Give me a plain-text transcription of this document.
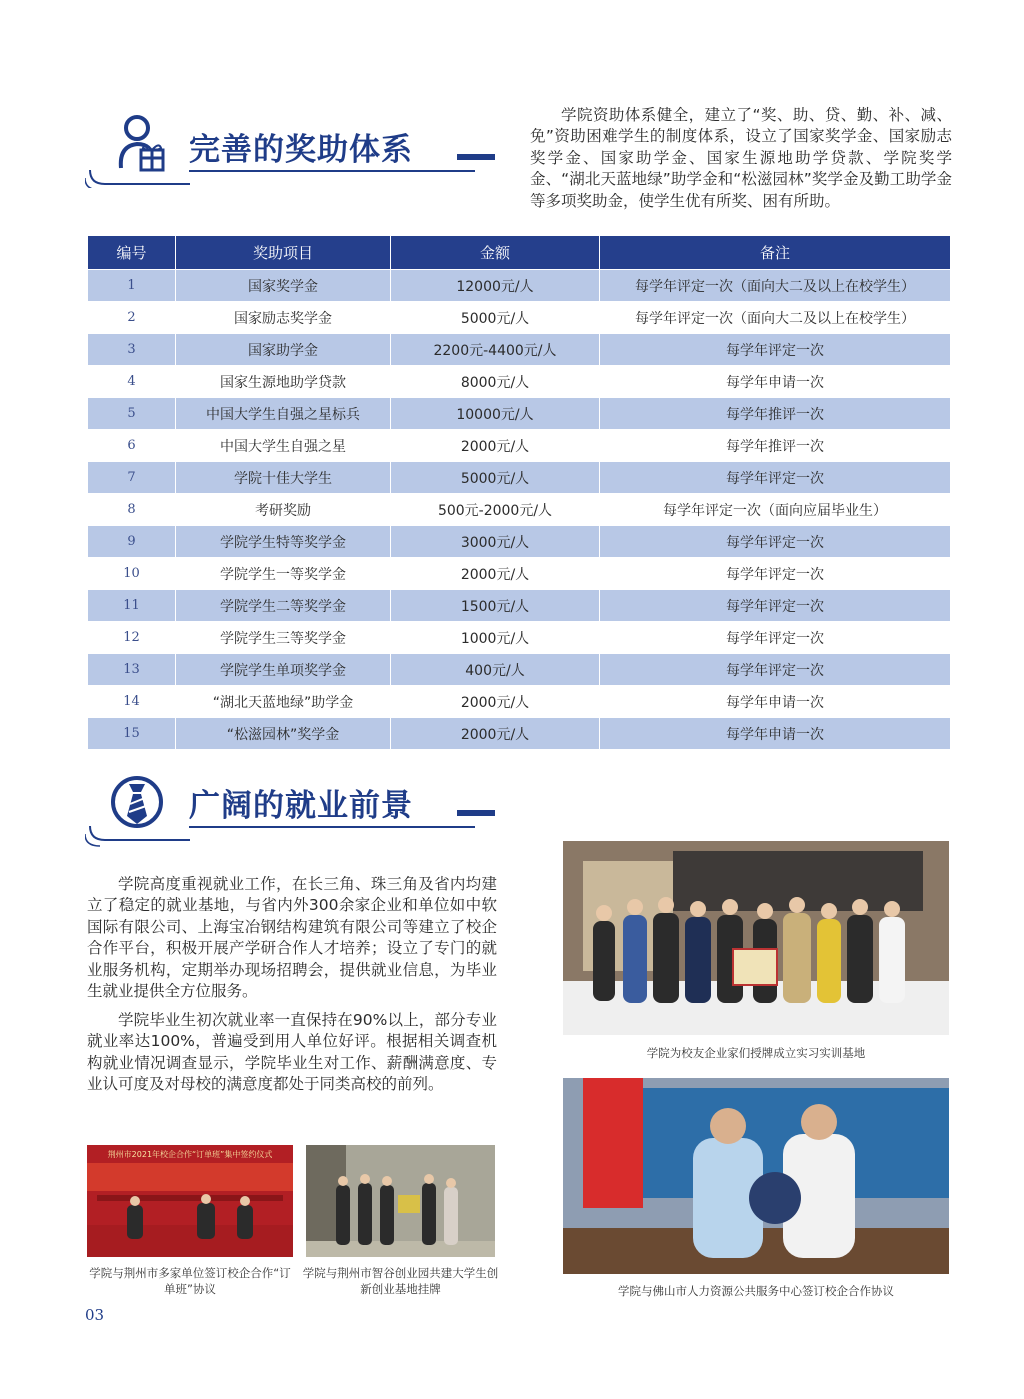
完善的奖助体系
学院资助体系健全，建立了“奖、助、贷、勤、补、减、免”资助困难学生的制度体系，设立了国家奖学金、国家励志奖学金、国家助学金、国家生源地助学贷款、学院奖学金、“湖北天蓝地绿”助学金和“松滋园林”奖学金及勤工助学金等多项奖助金，使学生优有所奖、困有所助。
编号	奖助项目	金额	备注
1	国家奖学金	12000元/人	每学年评定一次（面向大二及以上在校学生）
2	国家励志奖学金	5000元/人	每学年评定一次（面向大二及以上在校学生）
3	国家助学金	2200元-4400元/人	每学年评定一次
4	国家生源地助学贷款	8000元/人	每学年申请一次
5	中国大学生自强之星标兵	10000元/人	每学年推评一次
6	中国大学生自强之星	2000元/人	每学年推评一次
7	学院十佳大学生	5000元/人	每学年评定一次
8	考研奖励	500元-2000元/人	每学年评定一次（面向应届毕业生）
9	学院学生特等奖学金	3000元/人	每学年评定一次
10	学院学生一等奖学金	2000元/人	每学年评定一次
11	学院学生二等奖学金	1500元/人	每学年评定一次
12	学院学生三等奖学金	1000元/人	每学年评定一次
13	学院学生单项奖学金	400元/人	每学年评定一次
14	“湖北天蓝地绿”助学金	2000元/人	每学年申请一次
15	“松滋园林”奖学金	2000元/人	每学年申请一次
广阔的就业前景
学院高度重视就业工作，在长三角、珠三角及省内均建立了稳定的就业基地，与省内外300余家企业和单位如中软国际有限公司、上海宝冶钢结构建筑有限公司等建立了校企合作平台，积极开展产学研合作人才培养；设立了专门的就业服务机构，定期举办现场招聘会，提供就业信息，为毕业生就业提供全方位服务。
学院毕业生初次就业率一直保持在90%以上，部分专业就业率达100%，普遍受到用人单位好评。根据相关调查机构就业情况调查显示，学院毕业生对工作、薪酬满意度、专业认可度及对母校的满意度都处于同类高校的前列。
学院为校友企业家们授牌成立实习实训基地
学院与佛山市人力资源公共服务中心签订校企合作协议
荆州市2021年校企合作“订单班”集中签约仪式
学院与荆州市多家单位签订校企合作“订单班”协议
学院与荆州市智谷创业园共建大学生创新创业基地挂牌
03
